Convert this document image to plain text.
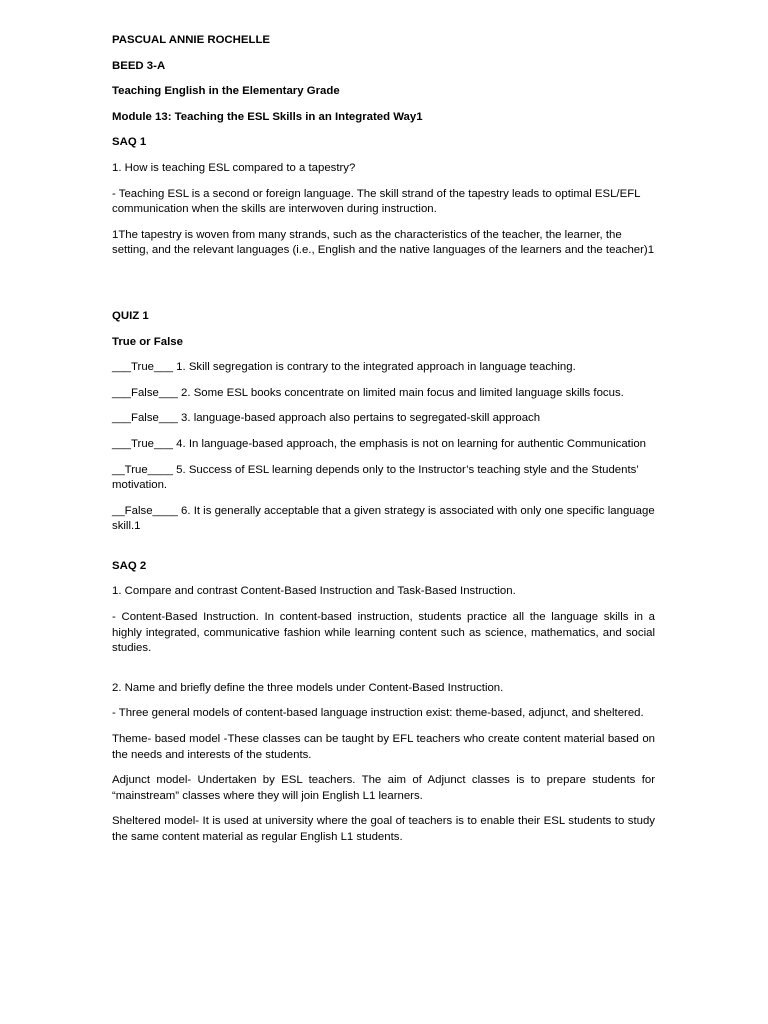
PASCUAL ANNIE ROCHELLE

BEED 3-A

Teaching English in the Elementary Grade

Module 13: Teaching the ESL Skills in an Integrated Way1

SAQ 1

1. How is teaching ESL compared to a tapestry?

- Teaching ESL is a second or foreign language. The skill strand of the tapestry leads to optimal ESL/EFL communication when the skills are interwoven during instruction.

1The tapestry is woven from many strands, such as the characteristics of the teacher, the learner, the setting, and the relevant languages (i.e., English and the native languages of the learners and the teacher)1

QUIZ 1

True or False

___True___ 1. Skill segregation is contrary to the integrated approach in language teaching.

___False___ 2. Some ESL books concentrate on limited main focus and limited language skills focus.

___False___ 3. language-based approach also pertains to segregated-skill approach

___True___ 4. In language-based approach, the emphasis is not on learning for authentic Communication

__True____ 5. Success of ESL learning depends only to the Instructor’s teaching style and the Students’ motivation.

__False____ 6. It is generally acceptable that a given strategy is associated with only one specific language skill.1

SAQ 2

1. Compare and contrast Content-Based Instruction and Task-Based Instruction.

- Content-Based Instruction. In content-based instruction, students practice all the language skills in a highly integrated, communicative fashion while learning content such as science, mathematics, and social studies.

2. Name and briefly define the three models under Content-Based Instruction.

- Three general models of content-based language instruction exist: theme-based, adjunct, and sheltered.

Theme- based model -These classes can be taught by EFL teachers who create content material based on the needs and interests of the students.

Adjunct model- Undertaken by ESL teachers. The aim of Adjunct classes is to prepare students for “mainstream” classes where they will join English L1 learners.

Sheltered model- It is used at university where the goal of teachers is to enable their ESL students to study the same content material as regular English L1 students.
